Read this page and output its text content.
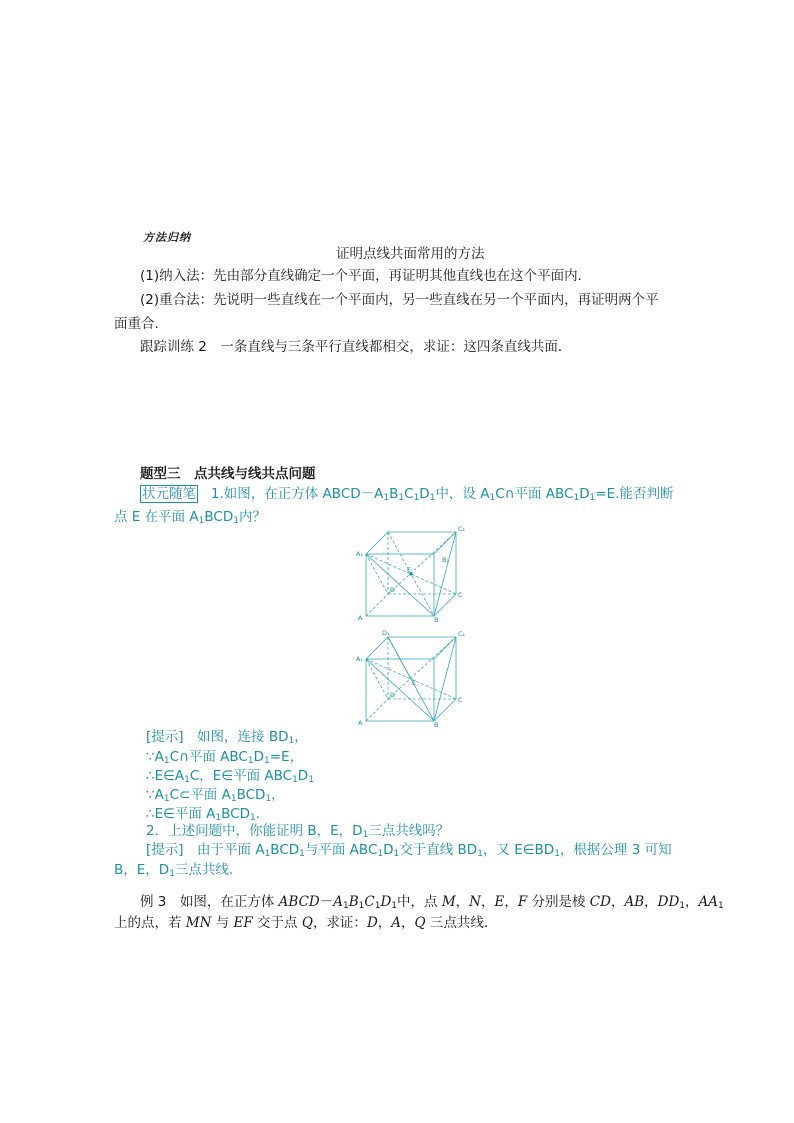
方法归纳
证明点线共面常用的方法
(1)纳入法：先由部分直线确定一个平面，再证明其他直线也在这个平面内．
(2)重合法：先说明一些直线在一个平面内，另一些直线在另一个平面内，再证明两个平
面重合．
跟踪训练 2　一条直线与三条平行直线都相交，求证：这四条直线共面．
题型三　点共线与线共点问题
状元随笔 1.如图，在正方体 $ABCD-A_1B_1C_1D_1$中，设 $A_1C\cap$平面 $ABC_1D_1=E$.能否判断
点 E 在平面 $A_1BCD_1$内？
A₁
C₁
B₁
D
C
A	B
E
A₁
C₁
D₁
D
C
A	B
E
[提示]　如图，连接 $BD_1$，
$\because A_1C\cap$平面 $ABC_1D_1=E$，
$\therefore E\in A_1C$，E∈平面 $ABC_1D_1$
$\because A_1C\subset$平面 $A_1BCD_1$，
∴E∈平面 $A_1BCD_1$.
2．上述问题中，你能证明 B，E，$D_1$三点共线吗？
[提示]　由于平面 $A_1BCD_1$与平面 $ABC_1D_1$交于直线 $BD_1$，又 $E\in BD_1$，根据公理 3 可知
B，E，$D_1$三点共线．
例 3　如图，在正方体 $ABCD-A_1B_1C_1D_1$中，点 M，N，E，F 分别是棱 CD，AB，$DD_1$，$AA_1$
上的点，若 MN 与 EF 交于点 Q，求证：D，A，Q 三点共线．
